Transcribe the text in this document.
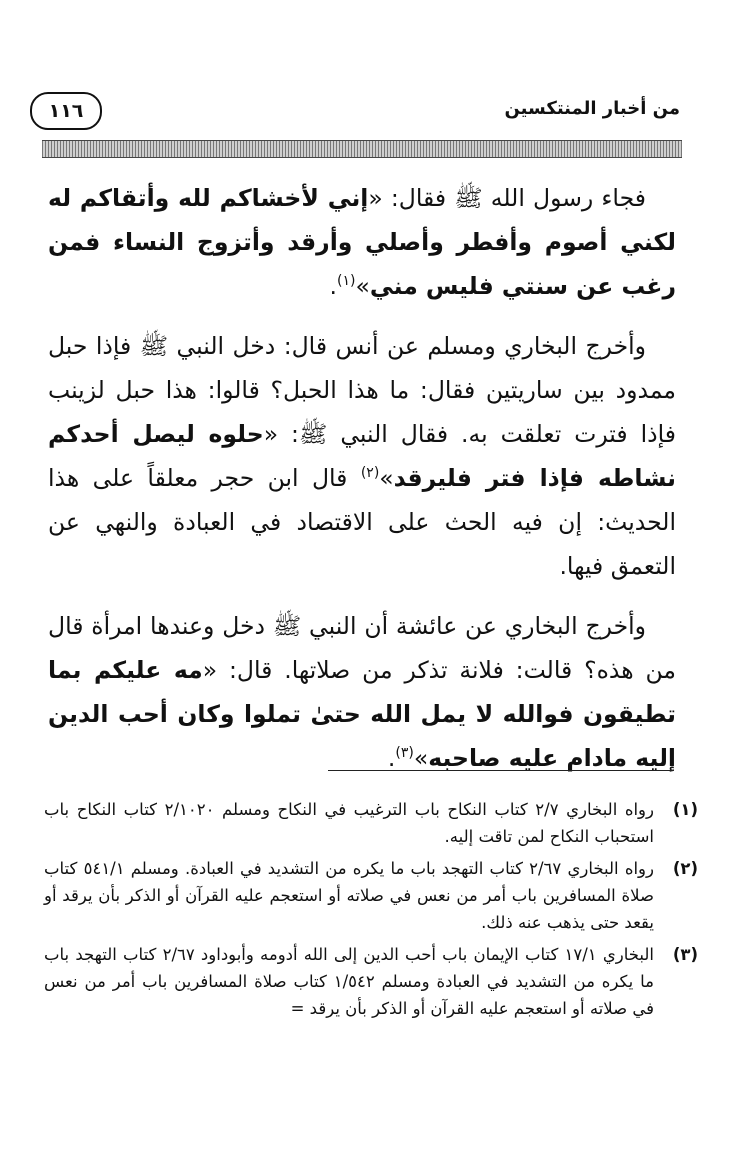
١١٦	من أخبار المنتكسين

فجاء رسول الله ﷺ فقال: «إني لأخشاكم لله وأتقاكم له لكني أصوم وأفطر وأصلي وأرقد وأتزوج النساء فمن رغب عن سنتي فليس مني»$^{(١)}$.

وأخرج البخاري ومسلم عن أنس قال: دخل النبي ﷺ فإذا حبل ممدود بين ساريتين فقال: ما هذا الحبل؟ قالوا: هذا حبل لزينب فإذا فترت تعلقت به. فقال النبي ﷺ: «حلوه ليصل أحدكم نشاطه فإذا فتر فليرقد»$^{(٢)}$ قال ابن حجر معلقاً على هذا الحديث: إن فيه الحث على الاقتصاد في العبادة والنهي عن التعمق فيها.

وأخرج البخاري عن عائشة أن النبي ﷺ دخل وعندها امرأة قال من هذه؟ قالت: فلانة تذكر من صلاتها. قال: «مه عليكم بما تطيقون فوالله لا يمل الله حتىٰ تملوا وكان أحب الدين إليه مادام عليه صاحبه»$^{(٣)}$.

(١)
رواه البخاري ٢/٧ كتاب النكاح باب الترغيب في النكاح ومسلم ٢/١٠٢٠ كتاب النكاح باب استحباب النكاح لمن تاقت إليه.
(٢)
رواه البخاري ٢/٦٧ كتاب التهجد باب ما يكره من التشديد في العبادة. ومسلم ٥٤١/١ كتاب صلاة المسافرين باب أمر من نعس في صلاته أو استعجم عليه القرآن أو الذكر بأن يرقد أو يقعد حتى يذهب عنه ذلك.
(٣)
البخاري ١٧/١ كتاب الإيمان باب أحب الدين إلى الله أدومه وأبوداود ٢/٦٧ كتاب التهجد باب ما يكره من التشديد في العبادة ومسلم ١/٥٤٢ كتاب صلاة المسافرين باب أمر من نعس في صلاته أو استعجم عليه القرآن أو الذكر بأن يرقد =
